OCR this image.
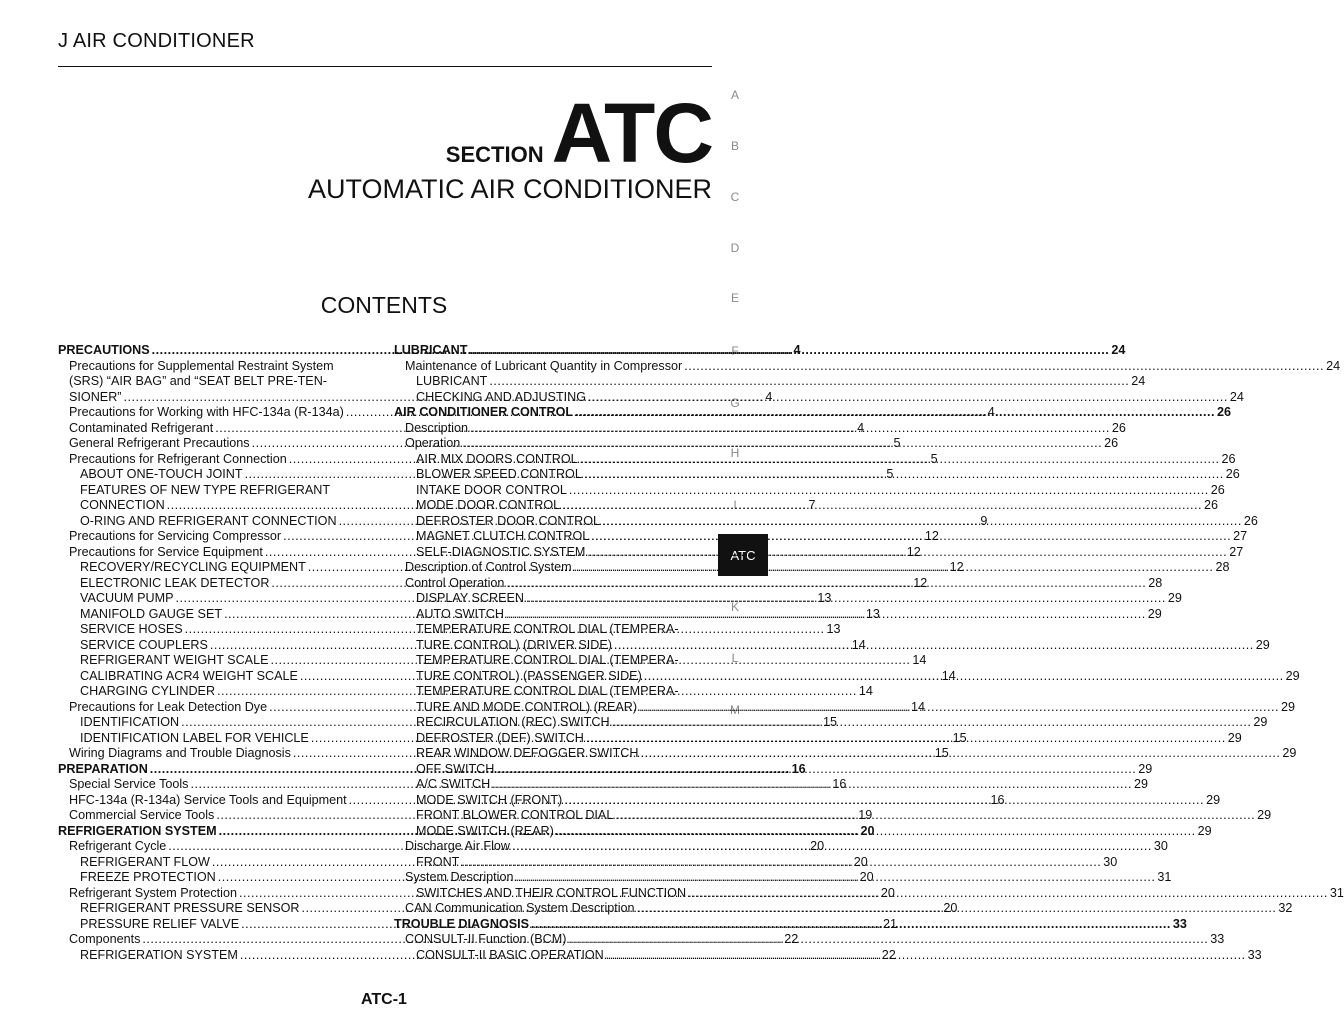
J AIR CONDITIONER
SECTION ATC
AUTOMATIC AIR CONDITIONER
CONTENTS
A
B
C
D
E
F
G
H
I
ATC
K
L
M
PRECAUTIONS .....	4
Precautions for Supplemental Restraint System
(SRS) “AIR BAG” and “SEAT BELT PRE-TEN-
SIONER” .....	4
Precautions for Working with HFC-134a (R-134a) .....	4
Contaminated Refrigerant .....	4
General Refrigerant Precautions .....	5
Precautions for Refrigerant Connection .....	5
ABOUT ONE-TOUCH JOINT .....	5
FEATURES OF NEW TYPE REFRIGERANT
CONNECTION .....	7
O-RING AND REFRIGERANT CONNECTION .....	9
Precautions for Servicing Compressor .....	12
Precautions for Service Equipment .....	12
RECOVERY/RECYCLING EQUIPMENT .....	12
ELECTRONIC LEAK DETECTOR .....	12
VACUUM PUMP .....	13
MANIFOLD GAUGE SET .....	13
SERVICE HOSES .....	13
SERVICE COUPLERS .....	14
REFRIGERANT WEIGHT SCALE .....	14
CALIBRATING ACR4 WEIGHT SCALE .....	14
CHARGING CYLINDER .....	14
Precautions for Leak Detection Dye .....	14
IDENTIFICATION .....	15
IDENTIFICATION LABEL FOR VEHICLE .....	15
Wiring Diagrams and Trouble Diagnosis .....	15
PREPARATION .....	16
Special Service Tools .....	16
HFC-134a (R-134a) Service Tools and Equipment .....	16
Commercial Service Tools .....	19
REFRIGERATION SYSTEM .....	20
Refrigerant Cycle .....	20
REFRIGERANT FLOW .....	20
FREEZE PROTECTION .....	20
Refrigerant System Protection .....	20
REFRIGERANT PRESSURE SENSOR .....	20
PRESSURE RELIEF VALVE .....	21
Components .....	22
REFRIGERATION SYSTEM .....	22
LUBRICANT .....	24
Maintenance of Lubricant Quantity in Compressor .....	24
LUBRICANT .....	24
CHECKING AND ADJUSTING .....	24
AIR CONDITIONER CONTROL .....	26
Description .....	26
Operation .....	26
AIR MIX DOORS CONTROL .....	26
BLOWER SPEED CONTROL .....	26
INTAKE DOOR CONTROL .....	26
MODE DOOR CONTROL .....	26
DEFROSTER DOOR CONTROL .....	26
MAGNET CLUTCH CONTROL .....	27
SELF-DIAGNOSTIC SYSTEM .....	27
Description of Control System .....	28
Control Operation .....	28
DISPLAY SCREEN .....	29
AUTO SWITCH .....	29
TEMPERATURE CONTROL DIAL (TEMPERA-
TURE CONTROL) (DRIVER SIDE) .....	29
TEMPERATURE CONTROL DIAL (TEMPERA-
TURE CONTROL) (PASSENGER SIDE) .....	29
TEMPERATURE CONTROL DIAL (TEMPERA-
TURE AND MODE CONTROL) (REAR) .....	29
RECIRCULATION (REC) SWITCH .....	29
DEFROSTER (DEF) SWITCH .....	29
REAR WINDOW DEFOGGER SWITCH .....	29
OFF SWITCH .....	29
A/C SWITCH .....	29
MODE SWITCH (FRONT) .....	29
FRONT BLOWER CONTROL DIAL .....	29
MODE SWITCH (REAR) .....	29
Discharge Air Flow .....	30
FRONT .....	30
System Description .....	31
SWITCHES AND THEIR CONTROL FUNCTION .....	31
CAN Communication System Description .....	32
TROUBLE DIAGNOSIS .....	33
CONSULT-II Function (BCM) .....	33
CONSULT-II BASIC OPERATION .....	33
ATC-1
